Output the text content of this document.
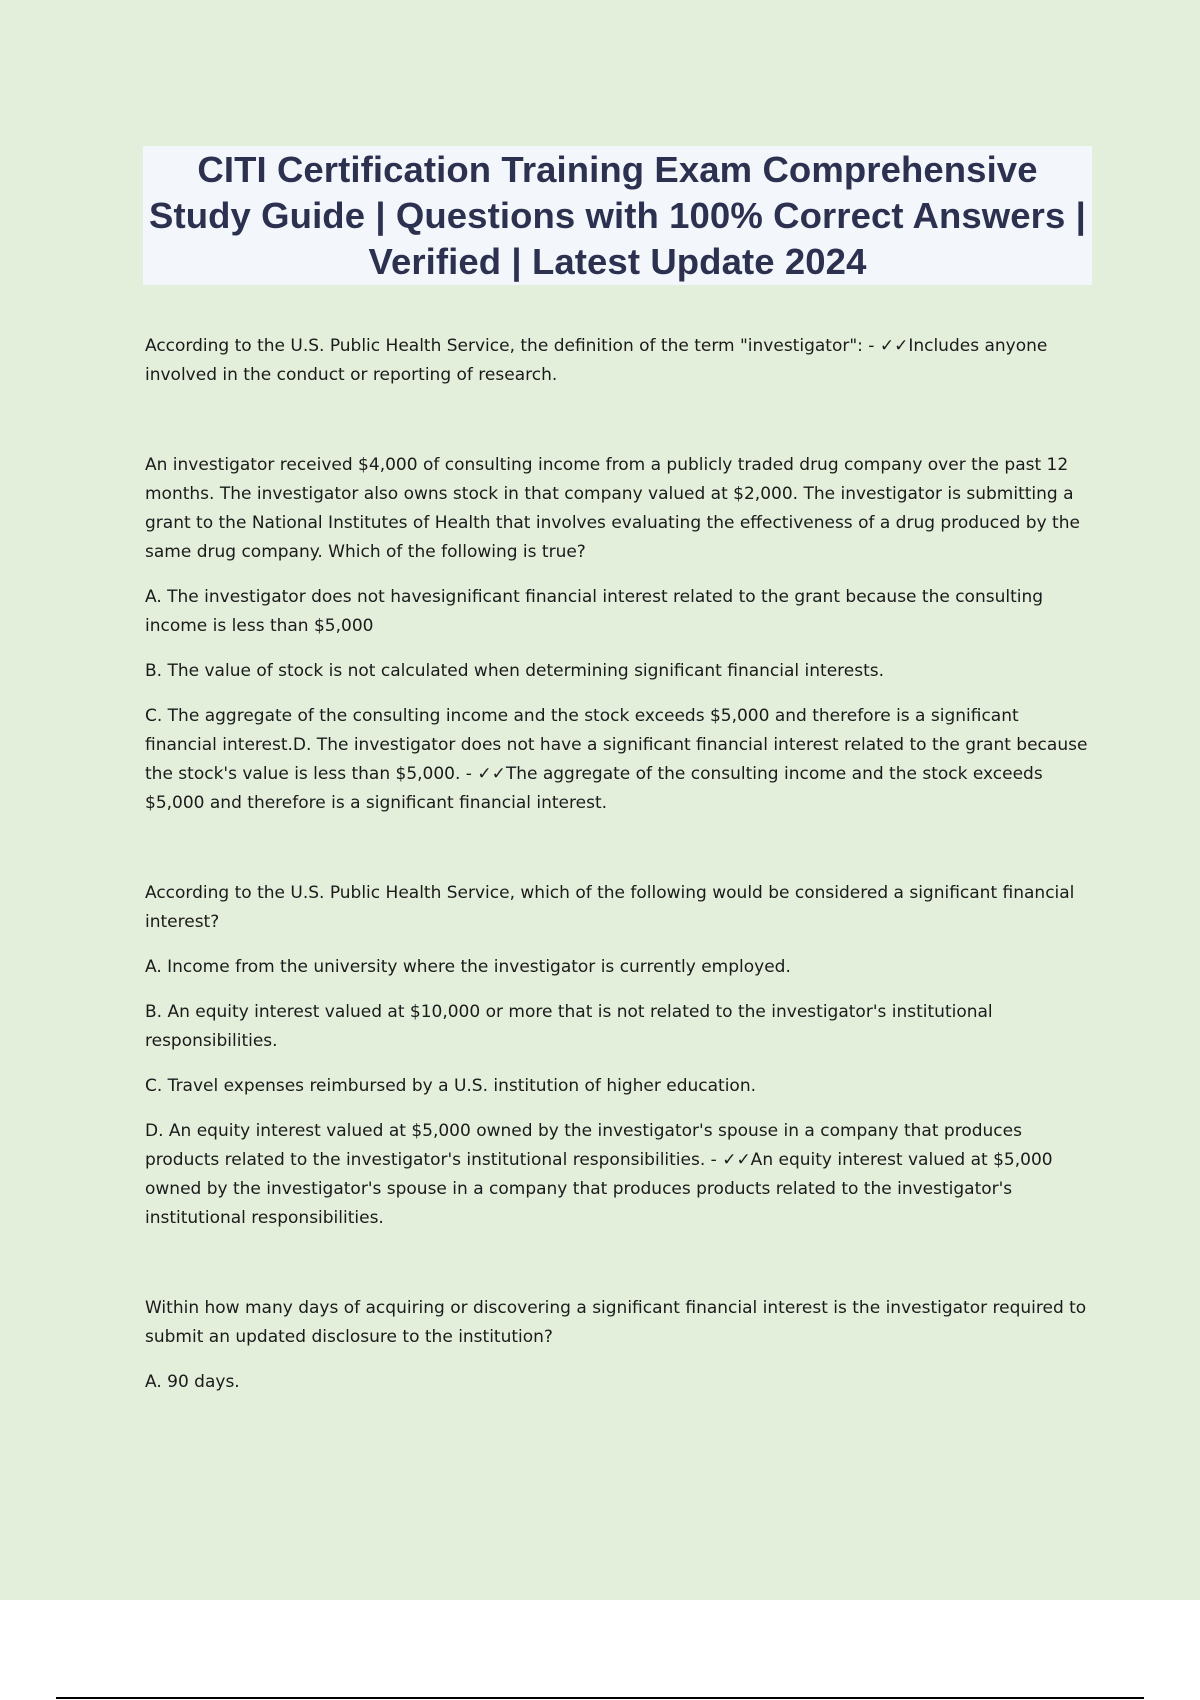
CITI Certification Training Exam Comprehensive Study Guide | Questions with 100% Correct Answers | Verified | Latest Update 2024

According to the U.S. Public Health Service, the definition of the term "investigator": - ✓✓Includes anyone involved in the conduct or reporting of research.

An investigator received $4,000 of consulting income from a publicly traded drug company over the past 12 months. The investigator also owns stock in that company valued at $2,000. The investigator is submitting a grant to the National Institutes of Health that involves evaluating the effectiveness of a drug produced by the same drug company. Which of the following is true?

A. The investigator does not havesignificant financial interest related to the grant because the consulting income is less than $5,000

B. The value of stock is not calculated when determining significant financial interests.

C. The aggregate of the consulting income and the stock exceeds $5,000 and therefore is a significant financial interest.D. The investigator does not have a significant financial interest related to the grant because the stock's value is less than $5,000. - ✓✓The aggregate of the consulting income and the stock exceeds $5,000 and therefore is a significant financial interest.

According to the U.S. Public Health Service, which of the following would be considered a significant financial interest?

A. Income from the university where the investigator is currently employed.

B. An equity interest valued at $10,000 or more that is not related to the investigator's institutional responsibilities.

C. Travel expenses reimbursed by a U.S. institution of higher education.

D. An equity interest valued at $5,000 owned by the investigator's spouse in a company that produces products related to the investigator's institutional responsibilities. - ✓✓An equity interest valued at $5,000 owned by the investigator's spouse in a company that produces products related to the investigator's institutional responsibilities.

Within how many days of acquiring or discovering a significant financial interest is the investigator required to submit an updated disclosure to the institution?

A. 90 days.
